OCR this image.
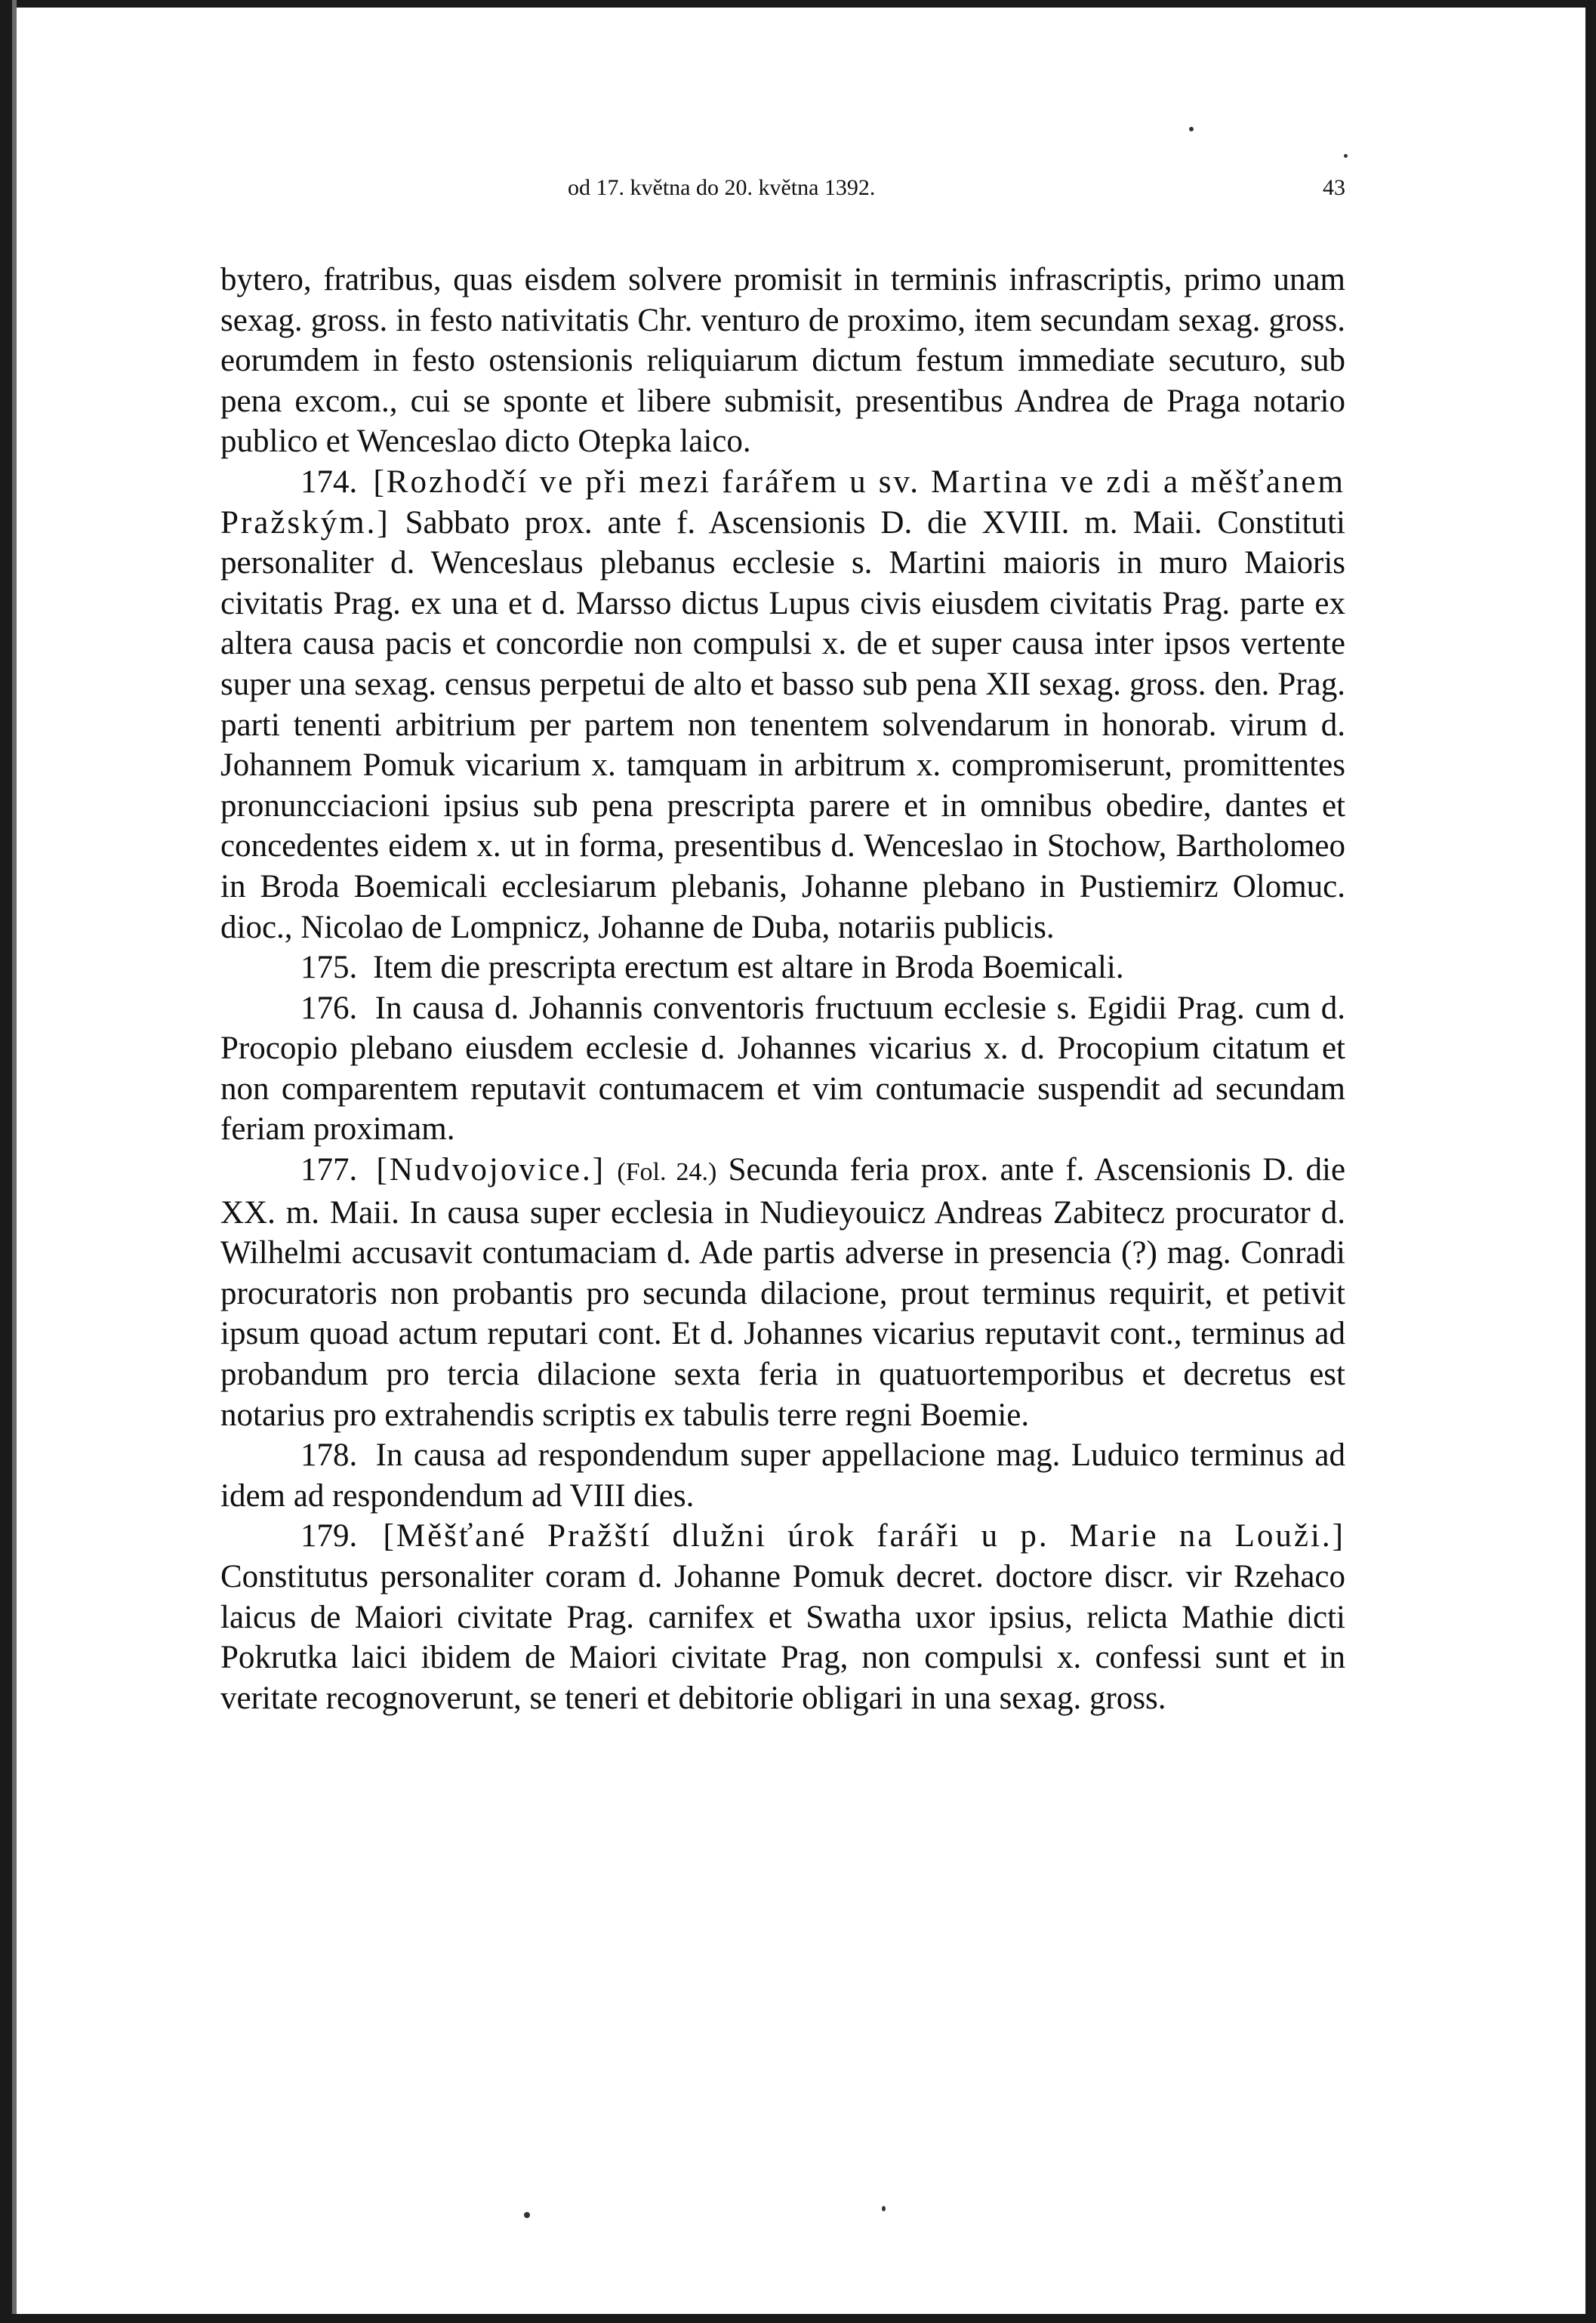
od 17. května do 20. května 1392.	43

bytero, fratribus, quas eisdem solvere promisit in terminis infrascriptis, primo unam sexag. gross. in festo nativitatis Chr. venturo de proximo, item secundam sexag. gross. eorumdem in festo ostensionis reliquiarum dictum festum immediate secuturo, sub pena excom., cui se sponte et libere submisit, presentibus Andrea de Praga notario publico et Wenceslao dicto Otepka laico.

174. [Rozhodčí ve při mezi farářem u sv. Martina ve zdi a měšťanem Pražským.] Sabbato prox. ante f. Ascensionis D. die XVIII. m. Maii. Constituti personaliter d. Wenceslaus plebanus ecclesie s. Martini maioris in muro Maioris civitatis Prag. ex una et d. Marsso dictus Lupus civis eiusdem civitatis Prag. parte ex altera causa pacis et concordie non compulsi x. de et super causa inter ipsos vertente super una sexag. census perpetui de alto et basso sub pena XII sexag. gross. den. Prag. parti tenenti arbitrium per partem non tenentem solvendarum in honorab. virum d. Johannem Pomuk vicarium x. tamquam in arbitrum x. compromiserunt, promittentes pronuncciacioni ipsius sub pena prescripta parere et in omnibus obedire, dantes et concedentes eidem x. ut in forma, presentibus d. Wenceslao in Stochow, Bartholomeo in Broda Boemicali ecclesiarum plebanis, Johanne plebano in Pustiemirz Olomuc. dioc., Nicolao de Lompnicz, Johanne de Duba, notariis publicis.

175. Item die prescripta erectum est altare in Broda Boemicali.

176. In causa d. Johannis conventoris fructuum ecclesie s. Egidii Prag. cum d. Procopio plebano eiusdem ecclesie d. Johannes vicarius x. d. Procopium citatum et non comparentem reputavit contumacem et vim contumacie suspendit ad secundam feriam proximam.

177. [Nudvojovice.] (Fol. 24.) Secunda feria prox. ante f. Ascensionis D. die XX. m. Maii. In causa super ecclesia in Nudieyouicz Andreas Zabitecz procurator d. Wilhelmi accusavit contumaciam d. Ade partis adverse in presencia (?) mag. Conradi procuratoris non probantis pro secunda dilacione, prout terminus requirit, et petivit ipsum quoad actum reputari cont. Et d. Johannes vicarius reputavit cont., terminus ad probandum pro tercia dilacione sexta feria in quatuortemporibus et decretus est notarius pro extrahendis scriptis ex tabulis terre regni Boemie.

178. In causa ad respondendum super appellacione mag. Luduico terminus ad idem ad respondendum ad VIII dies.

179. [Měšťané Pražští dlužni úrok faráři u p. Marie na Louži.] Constitutus personaliter coram d. Johanne Pomuk decret. doctore discr. vir Rzehaco laicus de Maiori civitate Prag. carnifex et Swatha uxor ipsius, relicta Mathie dicti Pokrutka laici ibidem de Maiori civitate Prag, non compulsi x. confessi sunt et in veritate recognoverunt, se teneri et debitorie obligari in una sexag. gross.
